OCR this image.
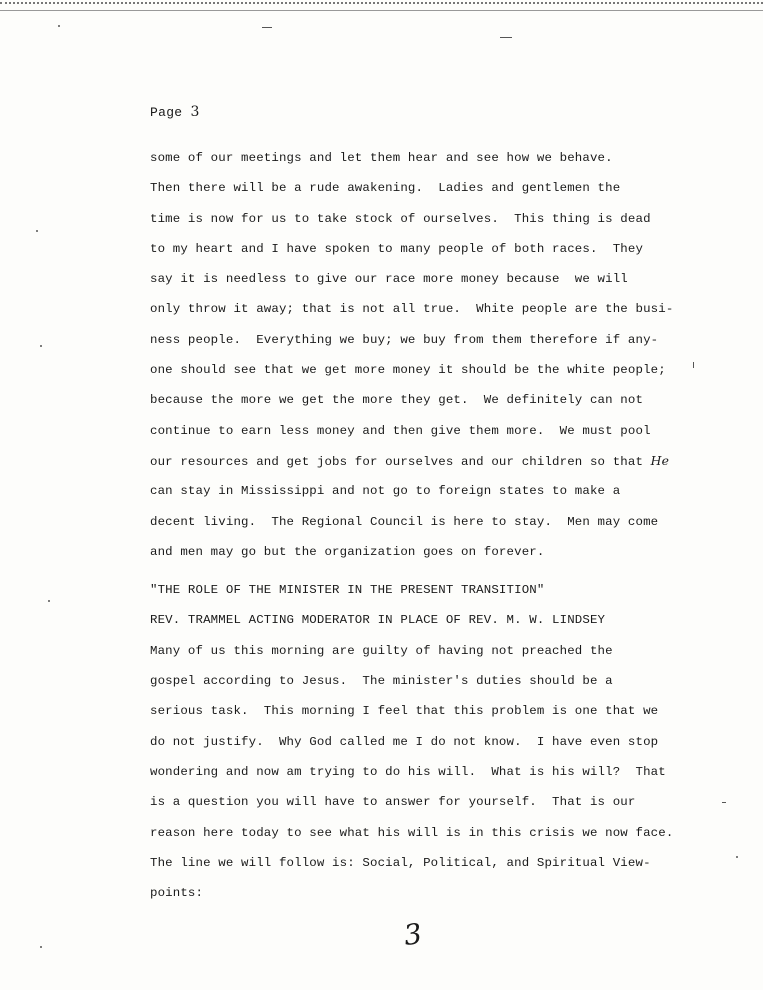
Page 3
some of our meetings and let them hear and see how we behave.
Then there will be a rude awakening.  Ladies and gentlemen the
time is now for us to take stock of ourselves.  This thing is dead
to my heart and I have spoken to many people of both races.  They
say it is needless to give our race more money because  we will
only throw it away; that is not all true.  White people are the busi-
ness people.  Everything we buy; we buy from them therefore if any-
one should see that we get more money it should be the white people;
because the more we get the more they get.  We definitely can not
continue to earn less money and then give them more.  We must pool
our resources and get jobs for ourselves and our children so that He
can stay in Mississippi and not go to foreign states to make a
decent living.  The Regional Council is here to stay.  Men may come
and men may go but the organization goes on forever.
"THE ROLE OF THE MINISTER IN THE PRESENT TRANSITION"
REV. TRAMMEL ACTING MODERATOR IN PLACE OF REV. M. W. LINDSEY
Many of us this morning are guilty of having not preached the
gospel according to Jesus.  The minister's duties should be a
serious task.  This morning I feel that this problem is one that we
do not justify.  Why God called me I do not know.  I have even stop
wondering and now am trying to do his will.  What is his will?  That
is a question you will have to answer for yourself.  That is our
reason here today to see what his will is in this crisis we now face.
The line we will follow is: Social, Political, and Spiritual View-
points:
3
